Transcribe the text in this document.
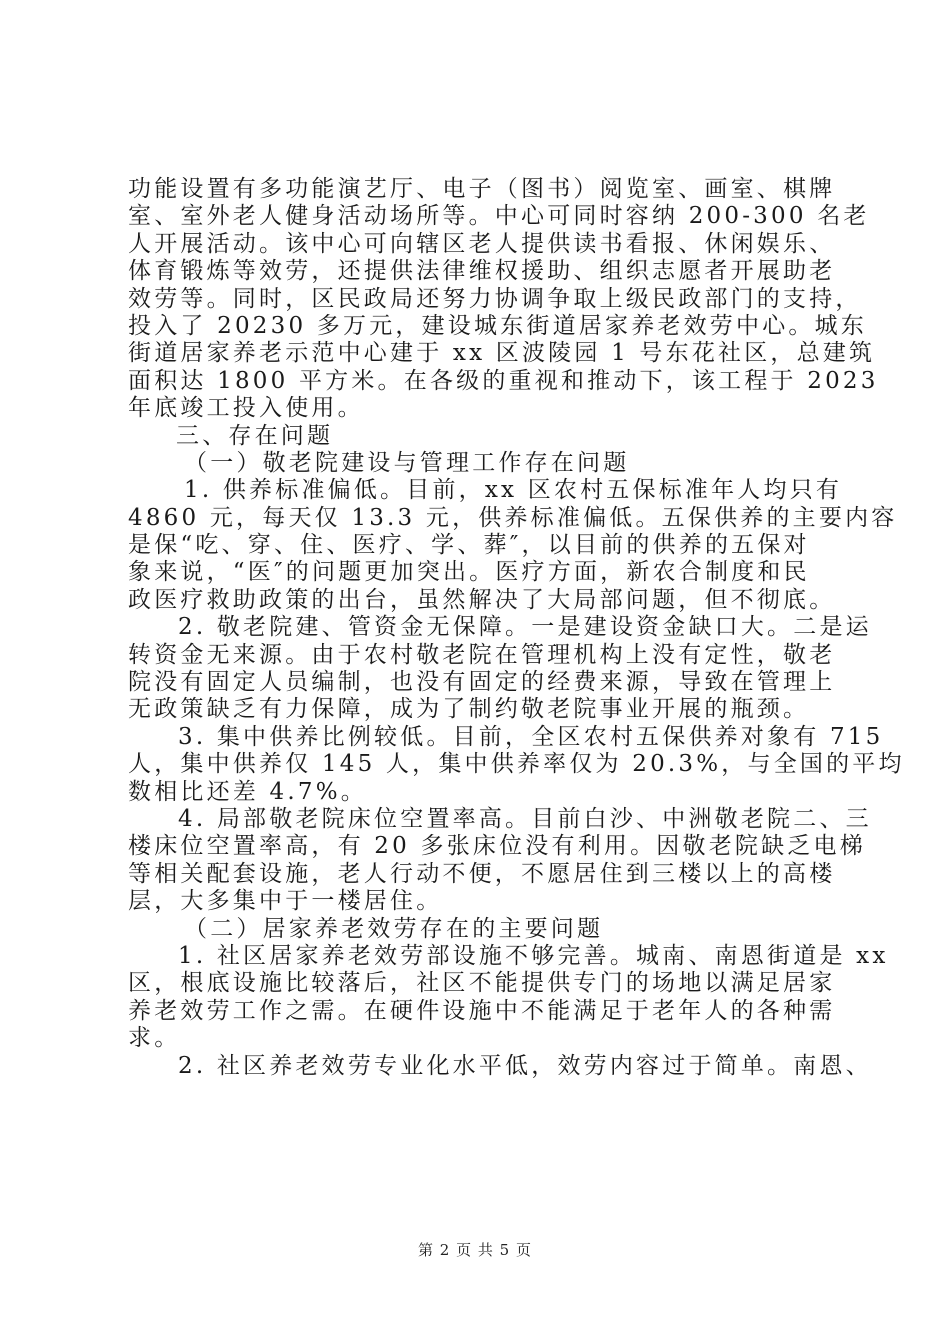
功能设置有多功能演艺厅、电子（图书）阅览室、画室、棋牌
室、室外老人健身活动场所等。中心可同时容纳 200-300 名老
人开展活动。该中心可向辖区老人提供读书看报、休闲娱乐、
体育锻炼等效劳，还提供法律维权援助、组织志愿者开展助老
效劳等。同时，区民政局还努力协调争取上级民政部门的支持，
投入了 20230 多万元，建设城东街道居家养老效劳中心。城东
街道居家养老示范中心建于 xx 区波陵园 1 号东花社区，总建筑
面积达 1800 平方米。在各级的重视和推动下，该工程于 2023
年底竣工投入使用。
三、存在问题
（一）敬老院建设与管理工作存在问题
1. 供养标准偏低。目前，xx 区农村五保标准年人均只有
4860 元，每天仅 13.3 元，供养标准偏低。五保供养的主要内容
是保“吃、穿、住、医疗、学、葬″，以目前的供养的五保对
象来说，“医″的问题更加突出。医疗方面，新农合制度和民
政医疗救助政策的出台，虽然解决了大局部问题，但不彻底。
2. 敬老院建、管资金无保障。一是建设资金缺口大。二是运
转资金无来源。由于农村敬老院在管理机构上没有定性，敬老
院没有固定人员编制，也没有固定的经费来源，导致在管理上
无政策缺乏有力保障，成为了制约敬老院事业开展的瓶颈。
3. 集中供养比例较低。目前，全区农村五保供养对象有 715
人，集中供养仅 145 人，集中供养率仅为 20.3%，与全国的平均
数相比还差 4.7%。
4. 局部敬老院床位空置率高。目前白沙、中洲敬老院二、三
楼床位空置率高，有 20 多张床位没有利用。因敬老院缺乏电梯
等相关配套设施，老人行动不便，不愿居住到三楼以上的高楼
层，大多集中于一楼居住。
（二）居家养老效劳存在的主要问题
1. 社区居家养老效劳部设施不够完善。城南、南恩街道是 xx
区，根底设施比较落后，社区不能提供专门的场地以满足居家
养老效劳工作之需。在硬件设施中不能满足于老年人的各种需
求。
2. 社区养老效劳专业化水平低，效劳内容过于简单。南恩、
第 2 页 共 5 页
